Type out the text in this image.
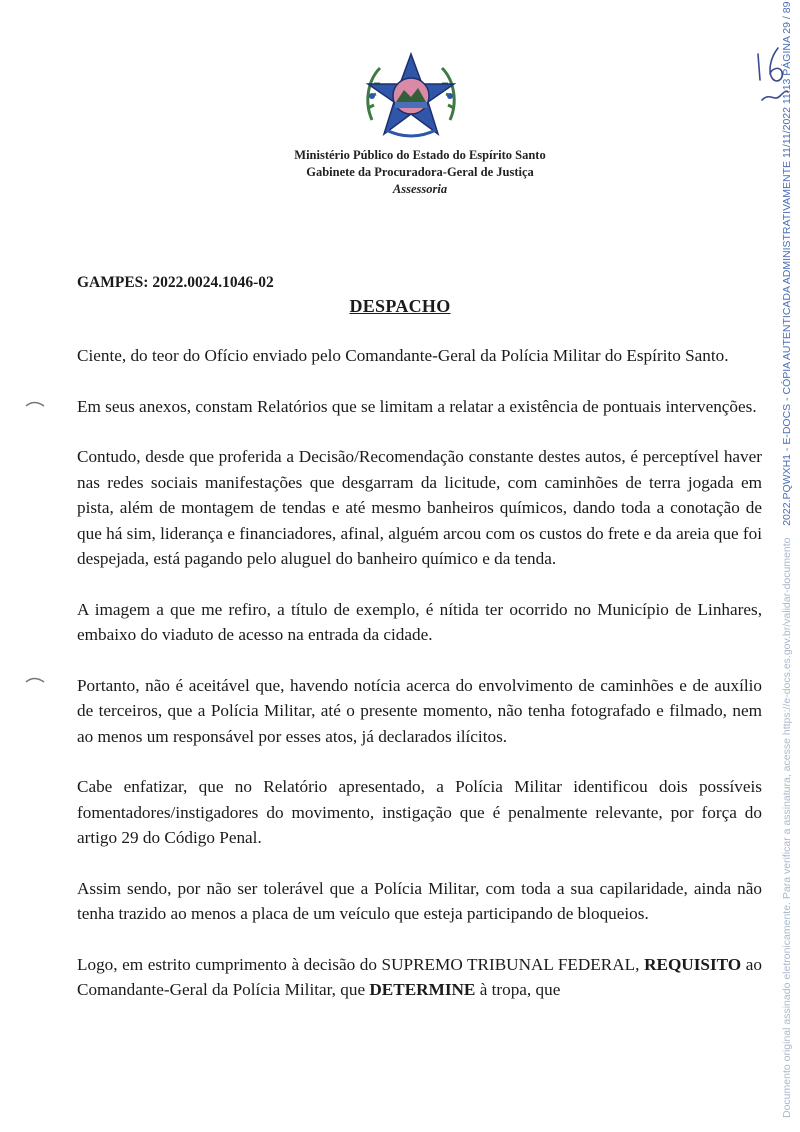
Ministério Público do Estado do Espírito Santo
Gabinete da Procuradora-Geral de Justiça
Assessoria
GAMPES: 2022.0024.1046-02
DESPACHO

Ciente, do teor do Ofício enviado pelo Comandante-Geral da Polícia Militar do Espírito Santo.

Em seus anexos, constam Relatórios que se limitam a relatar a existência de pontuais intervenções.

Contudo, desde que proferida a Decisão/Recomendação constante destes autos, é perceptível haver nas redes sociais manifestações que desgarram da licitude, com caminhões de terra jogada em pista, além de montagem de tendas e até mesmo banheiros químicos, dando toda a conotação de que há sim, liderança e financiadores, afinal, alguém arcou com os custos do frete e da areia que foi despejada, está pagando pelo aluguel do banheiro químico e da tenda.

A imagem a que me refiro, a título de exemplo, é nítida ter ocorrido no Município de Linhares, embaixo do viaduto de acesso na entrada da cidade.

Portanto, não é aceitável que, havendo notícia acerca do envolvimento de caminhões e de auxílio de terceiros, que a Polícia Militar, até o presente momento, não tenha fotografado e filmado, nem ao menos um responsável por esses atos, já declarados ilícitos.

Cabe enfatizar, que no Relatório apresentado, a Polícia Militar identificou dois possíveis fomentadores/instigadores do movimento, instigação que é penalmente relevante, por força do artigo 29 do Código Penal.

Assim sendo, por não ser tolerável que a Polícia Militar, com toda a sua capilaridade, ainda não tenha trazido ao menos a placa de um veículo que esteja participando de bloqueios.

Logo, em estrito cumprimento à decisão do SUPREMO TRIBUNAL FEDERAL, REQUISITO ao Comandante-Geral da Polícia Militar, que DETERMINE à tropa, que	Documento original assinado eletronicamente. Para verificar a assinatura, acesse https://e-docs.es.gov.br/validar-documento    2022.PQWXH1 - E-DOCS - CÓPIA AUTENTICADA ADMINISTRATIVAMENTE 11/11/2022 11:13 PÁGINA 29 / 89
